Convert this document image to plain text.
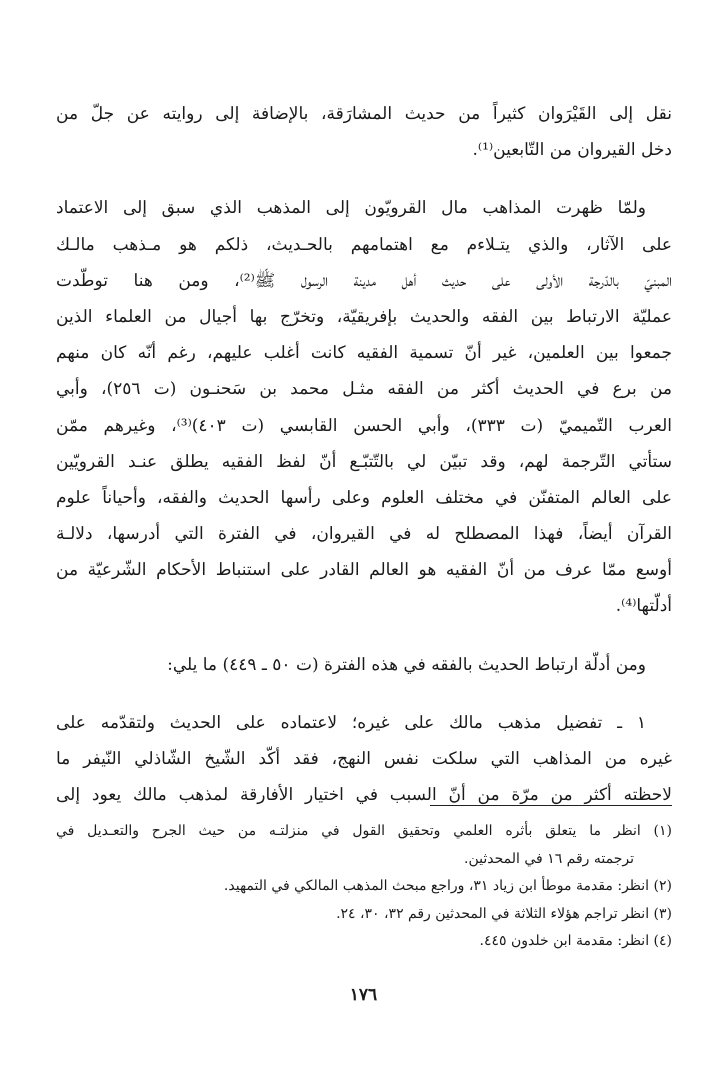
نقل إلى القَيْرَوان كثيراً من حديث المشارَقة، بالإضافة إلى روايته عن جلّ من
دخل القيروان من التّابعين⁽¹⁾.
ولمّا ظهرت المذاهب مال القرويّون إلى المذهب الذي سبق إلى الاعتماد
على الآثار، والذي يتـلاءم مع اهتمامهم بالحـديث، ذلكم هو مـذهب مالـك
المبنيّ بالدّرجة الأولى على حديث أهل مدينة الرسول ﷺ⁽²⁾، ومن هنا توطّدت
عمليّة الارتباط بين الفقه والحديث بإفريقيّة، وتخرّج بها أجيال من العلماء الذين
جمعوا بين العلمين، غير أنّ تسمية الفقيه كانت أغلب عليهم، رغم أنّه كان منهم
من برع في الحديث أكثر من الفقه مثـل محمد بن سَحنـون (ت ٢٥٦)، وأبي
العرب التّميميّ (ت ٣٣٣)، وأبي الحسن القابسي (ت ٤٠٣)⁽³⁾، وغيرهم ممّن
ستأتي التّرجمة لهم، وقد تبيّن لي بالتّتبّـع أنّ لفظ الفقيه يطلق عنـد القرويّين
على العالم المتفنّن في مختلف العلوم وعلى رأسها الحديث والفقه، وأحياناً علوم
القرآن أيضاً، فهذا المصطلح له في القيروان، في الفترة التي أدرسها، دلالـة
أوسع ممّا عرف من أنّ الفقيه هو العالم القادر على استنباط الأحكام الشّرعيّة من
أدلّتها⁽⁴⁾.
ومن أدلّة ارتباط الحديث بالفقه في هذه الفترة (ت ٥٠ ـ ٤٤٩) ما يلي:
١ ـ تفضيل مذهب مالك على غيره؛ لاعتماده على الحديث ولتقدّمه على
غيره من المذاهب التي سلكت نفس النهج، فقد أكّد الشّيخ الشّاذلي النّيفر ما
لاحظته أكثر من مرّة من أنّ السبب في اختيار الأفارقة لمذهب مالك يعود إلى
(١) انظر ما يتعلق بأثره العلمي وتحقيق القول في منزلتـه من حيث الجرح والتعـديل في
ترجمته رقم ١٦ في المحدثين.
(٢) انظر: مقدمة موطأ ابن زياد ٣١، وراجع مبحث المذهب المالكي في التمهيد.
(٣) انظر تراجم هؤلاء الثلاثة في المحدثين رقم ٣٢، ٣٠، ٢٤.
(٤) انظر: مقدمة ابن خلدون ٤٤٥.
١٧٦
